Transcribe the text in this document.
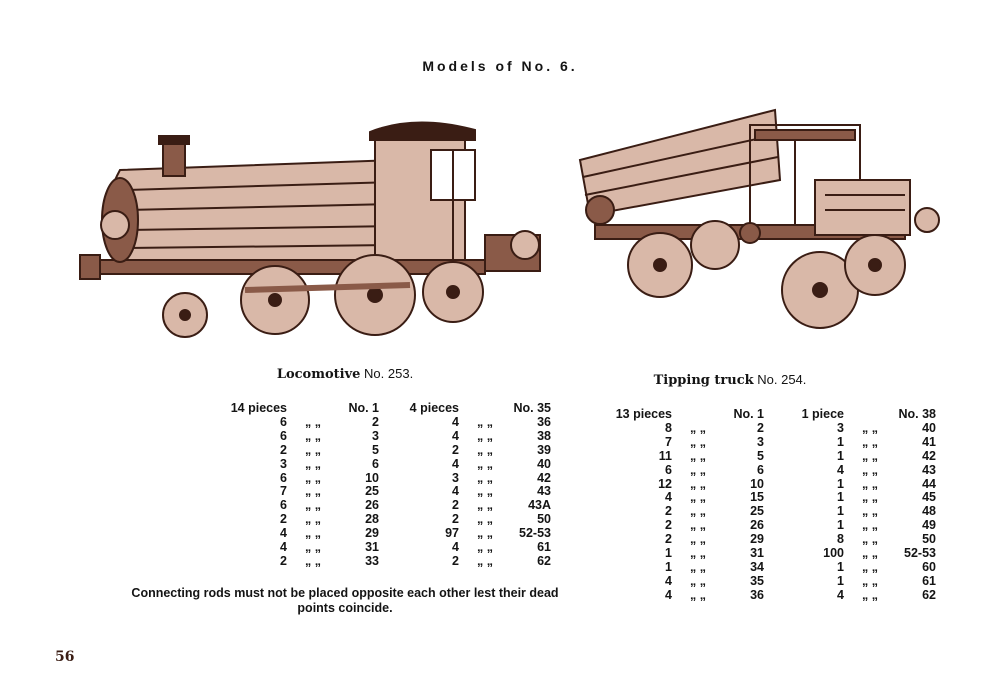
Models of No. 6.
Locomotive No. 253.	Tipping truck No. 254.
14 pieces		No. 1		4 pieces		No. 35
6	„ „	2		4	„ „	36
6	„ „	3		4	„ „	38
2	„ „	5		2	„ „	39
3	„ „	6		4	„ „	40
6	„ „	10		3	„ „	42
7	„ „	25		4	„ „	43
6	„ „	26		2	„ „	43A
2	„ „	28		2	„ „	50
4	„ „	29		97	„ „	52-53
4	„ „	31		4	„ „	61
2	„ „	33		2	„ „	62
13 pieces		No. 1		1 piece		No. 38
8	„ „	2		3	„ „	40
7	„ „	3		1	„ „	41
11	„ „	5		1	„ „	42
6	„ „	6		4	„ „	43
12	„ „	10		1	„ „	44
4	„ „	15		1	„ „	45
2	„ „	25		1	„ „	48
2	„ „	26		1	„ „	49
2	„ „	29		8	„ „	50
1	„ „	31		100	„ „	52-53
1	„ „	34		1	„ „	60
4	„ „	35		1	„ „	61
4	„ „	36		4	„ „	62
Connecting rods must not be placed opposite each other lest their dead points coincide.
56
